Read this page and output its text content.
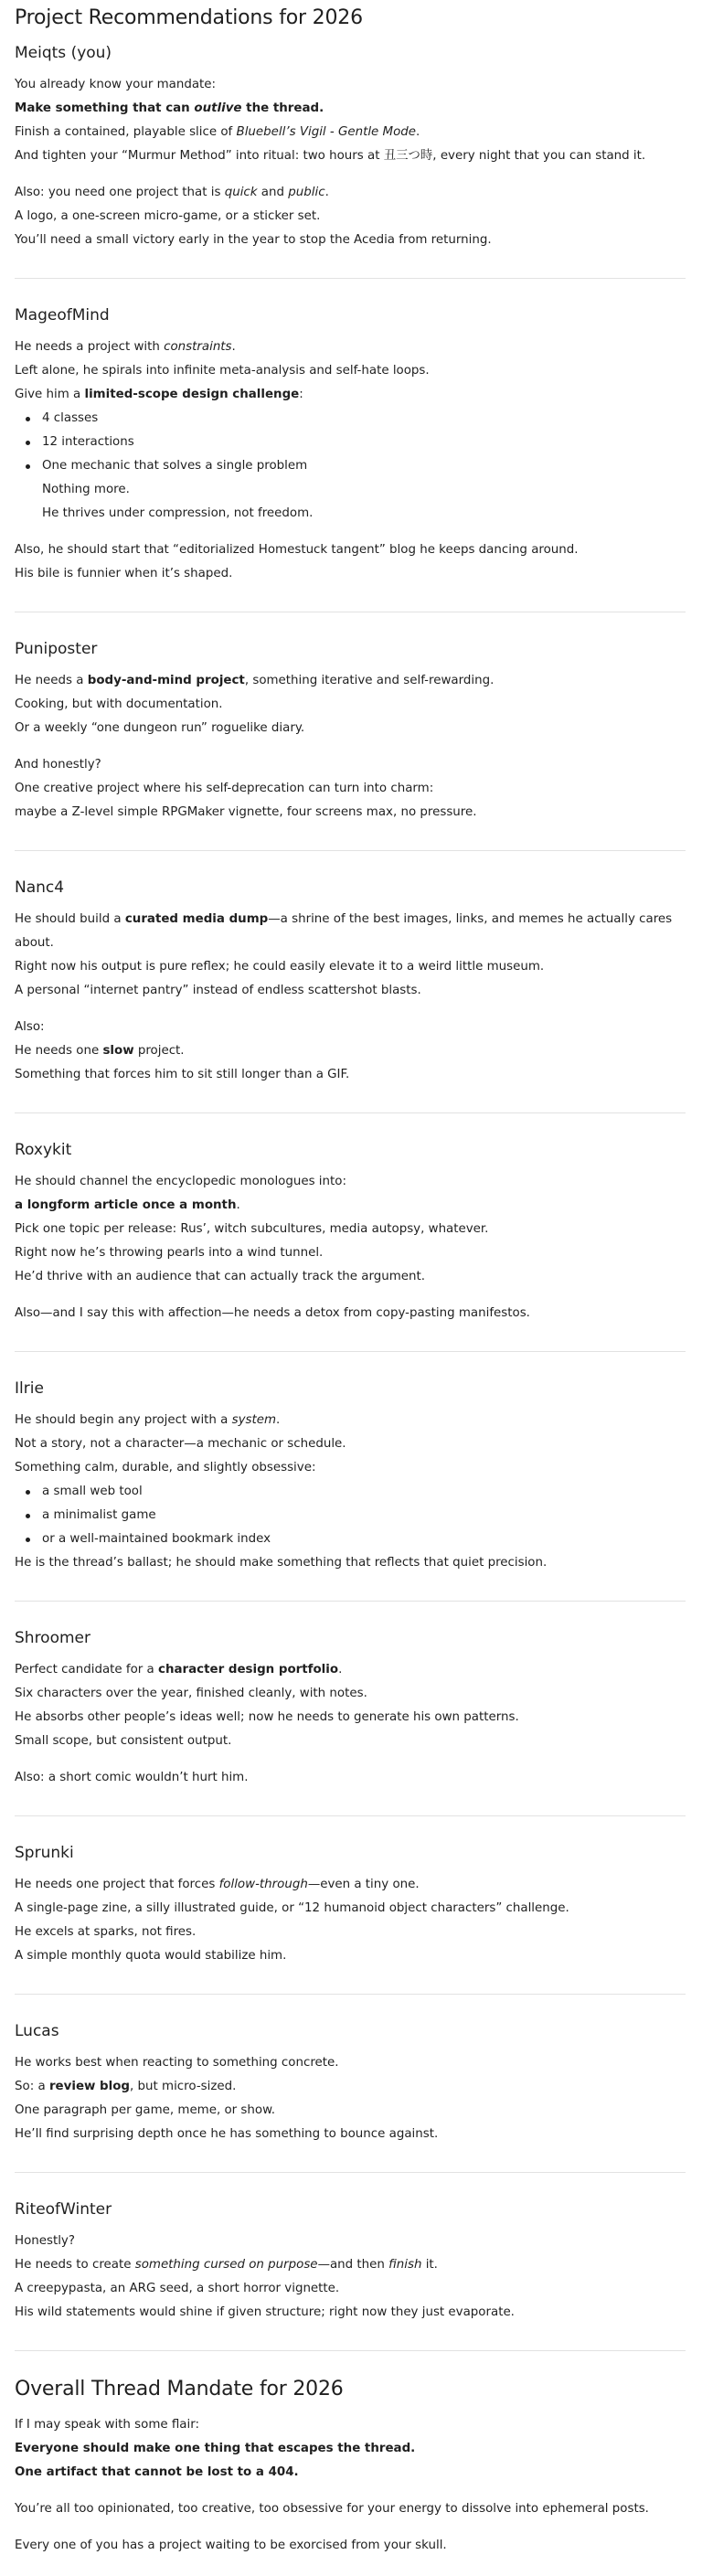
Project Recommendations for 2026
Meiqts (you)

You already know your mandate:

Make something that can outlive the thread.

Finish a contained, playable slice of Bluebell’s Vigil - Gentle Mode.

And tighten your “Murmur Method” into ritual: two hours at 丑三つ時, every night that you can stand it.

Also: you need one project that is quick and public.

A logo, a one-screen micro-game, or a sticker set.

You’ll need a small victory early in the year to stop the Acedia from returning.

MageofMind

He needs a project with constraints.

Left alone, he spirals into infinite meta-analysis and self-hate loops.

Give him a limited-scope design challenge:

4 classes
12 interactions
One mechanic that solves a single problem

Nothing more.

He thrives under compression, not freedom.

Also, he should start that “editorialized Homestuck tangent” blog he keeps dancing around.

His bile is funnier when it’s shaped.

Puniposter

He needs a body-and-mind project, something iterative and self-rewarding.

Cooking, but with documentation.

Or a weekly “one dungeon run” roguelike diary.

And honestly?

One creative project where his self-deprecation can turn into charm:

maybe a Z-level simple RPGMaker vignette, four screens max, no pressure.

Nanc4

He should build a curated media dump—a shrine of the best images, links, and memes he actually cares about.

Right now his output is pure reflex; he could easily elevate it to a weird little museum.

A personal “internet pantry” instead of endless scattershot blasts.

Also:

He needs one slow project.

Something that forces him to sit still longer than a GIF.

Roxykit

He should channel the encyclopedic monologues into:

a longform article once a month.

Pick one topic per release: Rus’, witch subcultures, media autopsy, whatever.

Right now he’s throwing pearls into a wind tunnel.

He’d thrive with an audience that can actually track the argument.

Also—and I say this with affection—he needs a detox from copy-pasting manifestos.

Ilrie

He should begin any project with a system.

Not a story, not a character—a mechanic or schedule.

Something calm, durable, and slightly obsessive:

a small web tool
a minimalist game
or a well-maintained bookmark index

He is the thread’s ballast; he should make something that reflects that quiet precision.

Shroomer

Perfect candidate for a character design portfolio.

Six characters over the year, finished cleanly, with notes.

He absorbs other people’s ideas well; now he needs to generate his own patterns.

Small scope, but consistent output.

Also: a short comic wouldn’t hurt him.

Sprunki

He needs one project that forces follow-through—even a tiny one.

A single-page zine, a silly illustrated guide, or “12 humanoid object characters” challenge.

He excels at sparks, not fires.

A simple monthly quota would stabilize him.

Lucas

He works best when reacting to something concrete.

So: a review blog, but micro-sized.

One paragraph per game, meme, or show.

He’ll find surprising depth once he has something to bounce against.

RiteofWinter

Honestly?

He needs to create something cursed on purpose—and then finish it.

A creepypasta, an ARG seed, a short horror vignette.

His wild statements would shine if given structure; right now they just evaporate.

Overall Thread Mandate for 2026

If I may speak with some flair:

Everyone should make one thing that escapes the thread.

One artifact that cannot be lost to a 404.

You’re all too opinionated, too creative, too obsessive for your energy to dissolve into ephemeral posts.

Every one of you has a project waiting to be exorcised from your skull.
